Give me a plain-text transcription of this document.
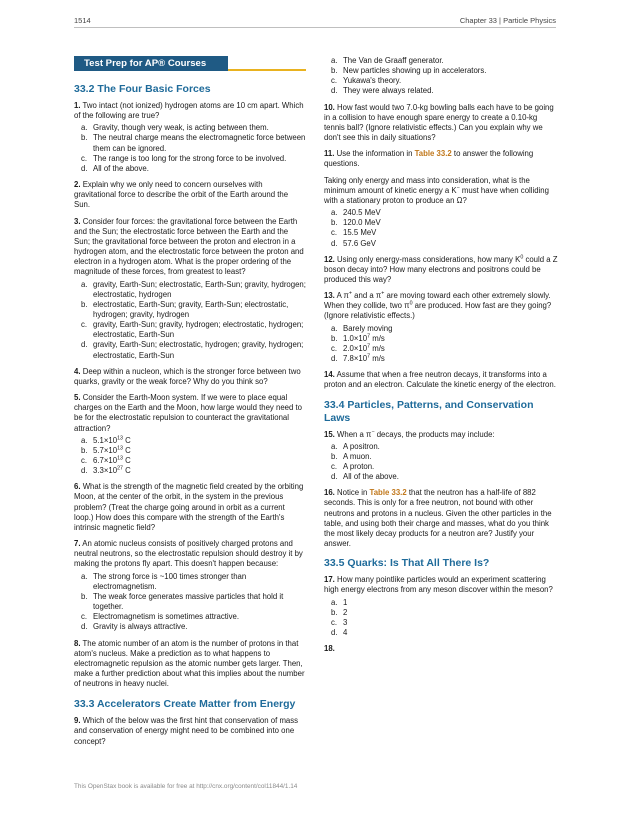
1514	Chapter 33 | Particle Physics
Test Prep for AP® Courses
33.2 The Four Basic Forces

1. Two intact (not ionized) hydrogen atoms are 10 cm apart. Which of the following are true?

a. Gravity, though very weak, is acting between them.
b. The neutral charge means the electromagnetic force between them can be ignored.
c. The range is too long for the strong force to be involved.
d. All of the above.

2. Explain why we only need to concern ourselves with gravitational force to describe the orbit of the Earth around the Sun.

3. Consider four forces: the gravitational force between the Earth and the Sun; the electrostatic force between the Earth and the Sun; the gravitational force between the proton and electron in a hydrogen atom, and the electrostatic force between the proton and electron in a hydrogen atom. What is the proper ordering of the magnitude of these forces, from greatest to least?

a. gravity, Earth-Sun; electrostatic, Earth-Sun; gravity, hydrogen; electrostatic, hydrogen
b. electrostatic, Earth-Sun; gravity, Earth-Sun; electrostatic, hydrogen; gravity, hydrogen
c. gravity, Earth-Sun; gravity, hydrogen; electrostatic, hydrogen; electrostatic, Earth-Sun
d. gravity, Earth-Sun; electrostatic, hydrogen; gravity, hydrogen; electrostatic, Earth-Sun

4. Deep within a nucleon, which is the stronger force between two quarks, gravity or the weak force? Why do you think so?

5. Consider the Earth-Moon system. If we were to place equal charges on the Earth and the Moon, how large would they need to be for the electrostatic repulsion to counteract the gravitational attraction?

a. $5.1\times 10^{13}$ C
b. $5.7\times 10^{13}$ C
c. $6.7\times 10^{13}$ C
d. $3.3\times 10^{27}$ C

6. What is the strength of the magnetic field created by the orbiting Moon, at the center of the orbit, in the system in the previous problem? (Treat the charge going around in orbit as a current loop.) How does this compare with the strength of the Earth's intrinsic magnetic field?

7. An atomic nucleus consists of positively charged protons and neutral neutrons, so the electrostatic repulsion should destroy it by making the protons fly apart. This doesn't happen because:

a. The strong force is ~100 times stronger than electromagnetism.
b. The weak force generates massive particles that hold it together.
c. Electromagnetism is sometimes attractive.
d. Gravity is always attractive.

8. The atomic number of an atom is the number of protons in that atom's nucleus. Make a prediction as to what happens to electromagnetic repulsion as the atomic number gets larger. Then, make a further prediction about what this implies about the number of neutrons in heavy nuclei.

33.3 Accelerators Create Matter from Energy

9. Which of the below was the first hint that conservation of mass and conservation of energy might need to be combined into one concept?

a. The Van de Graaff generator.
b. New particles showing up in accelerators.
c. Yukawa's theory.
d. They were always related.

10. How fast would two 7.0-kg bowling balls each have to be going in a collision to have enough spare energy to create a 0.10-kg tennis ball? (Ignore relativistic effects.) Can you explain why we don't see this in daily situations?

11. Use the information in Table 33.2 to answer the following questions.

Taking only energy and mass into consideration, what is the minimum amount of kinetic energy a K− must have when colliding with a stationary proton to produce an Ω?

a. 240.5 MeV
b. 120.0 MeV
c. 15.5 MeV
d. 57.6 GeV

12. Using only energy-mass considerations, how many $K^0$ could a Z boson decay into? How many electrons and positrons could be produced this way?

13. A π+ and a π+ are moving toward each other extremely slowly. When they collide, two $\pi^0$ are produced. How fast are they going? (Ignore relativistic effects.)

a. Barely moving
b. $1.0\times 10^7$ m/s
c. $2.0\times 10^7$ m/s
d. $7.8\times 10^7$ m/s

14. Assume that when a free neutron decays, it transforms into a proton and an electron. Calculate the kinetic energy of the electron.

33.4 Particles, Patterns, and Conservation Laws

15. When a π− decays, the products may include:

a. A positron.
b. A muon.
c. A proton.
d. All of the above.

16. Notice in Table 33.2 that the neutron has a half-life of 882 seconds. This is only for a free neutron, not bound with other neutrons and protons in a nucleus. Given the other particles in the table, and using both their charge and masses, what do you think the most likely decay products for a neutron are? Justify your answer.

33.5 Quarks: Is That All There Is?

17. How many pointlike particles would an experiment scattering high energy electrons from any meson discover within the meson?

a. 1
b. 2
c. 3
d. 4

18.

This OpenStax book is available for free at http://cnx.org/content/col11844/1.14
